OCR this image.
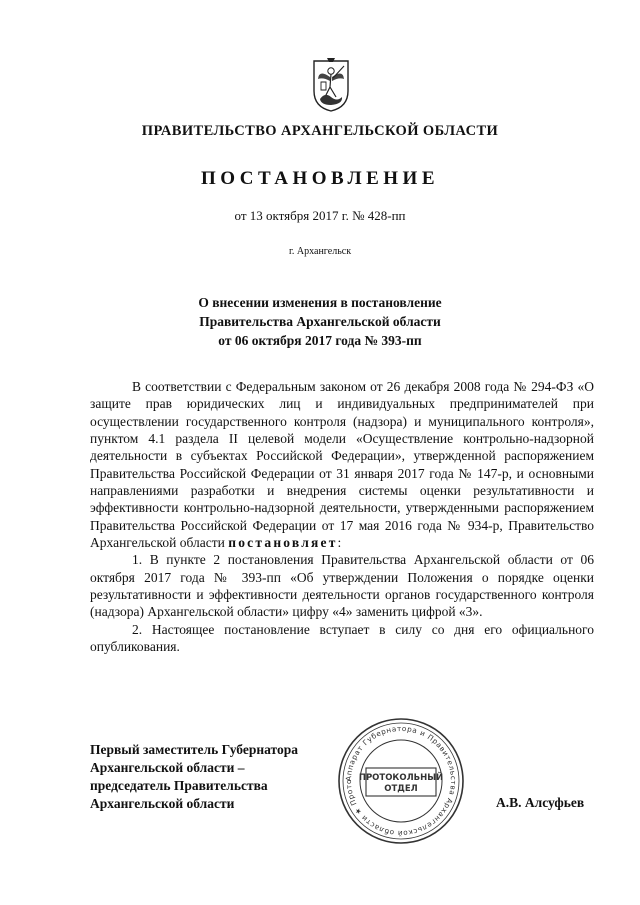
ПРАВИТЕЛЬСТВО АРХАНГЕЛЬСКОЙ ОБЛАСТИ
ПОСТАНОВЛЕНИЕ
от 13 октября 2017 г. № 428-пп
г. Архангельск
О внесении изменения в постановление
Правительства Архангельской области
от 06 октября 2017 года № 393-пп

В соответствии с Федеральным законом от 26 декабря 2008 года № 294-ФЗ «О защите прав юридических лиц и индивидуальных предпринимателей при осуществлении государственного контроля (надзора) и муниципального контроля», пунктом 4.1 раздела II целевой модели «Осуществление контрольно-надзорной деятельности в субъектах Российской Федерации», утвержденной распоряжением Правительства Российской Федерации от 31 января 2017 года № 147-р, и основными направлениями разработки и внедрения системы оценки результативности и эффективности контрольно-надзорной деятельности, утвержденными распоряжением Правительства Российской Федерации от 17 мая 2016 года № 934-р, Правительство Архангельской области постановляет:

1. В пункте 2 постановления Правительства Архангельской области от 06 октября 2017 года № 393-пп «Об утверждении Положения о порядке оценки результативности и эффективности деятельности органов государственного контроля (надзора) Архангельской области» цифру «4» заменить цифрой «3».

2. Настоящее постановление вступает в силу со дня его официального опубликования.

Первый заместитель Губернатора
Архангельской области –
председатель Правительства
Архангельской области
Аппарат Губернатора и Правительства Архангельской области ★ Прото ПРОТОКОЛЬНЫЙ
ОТДЕЛ
А.В. Алсуфьев
